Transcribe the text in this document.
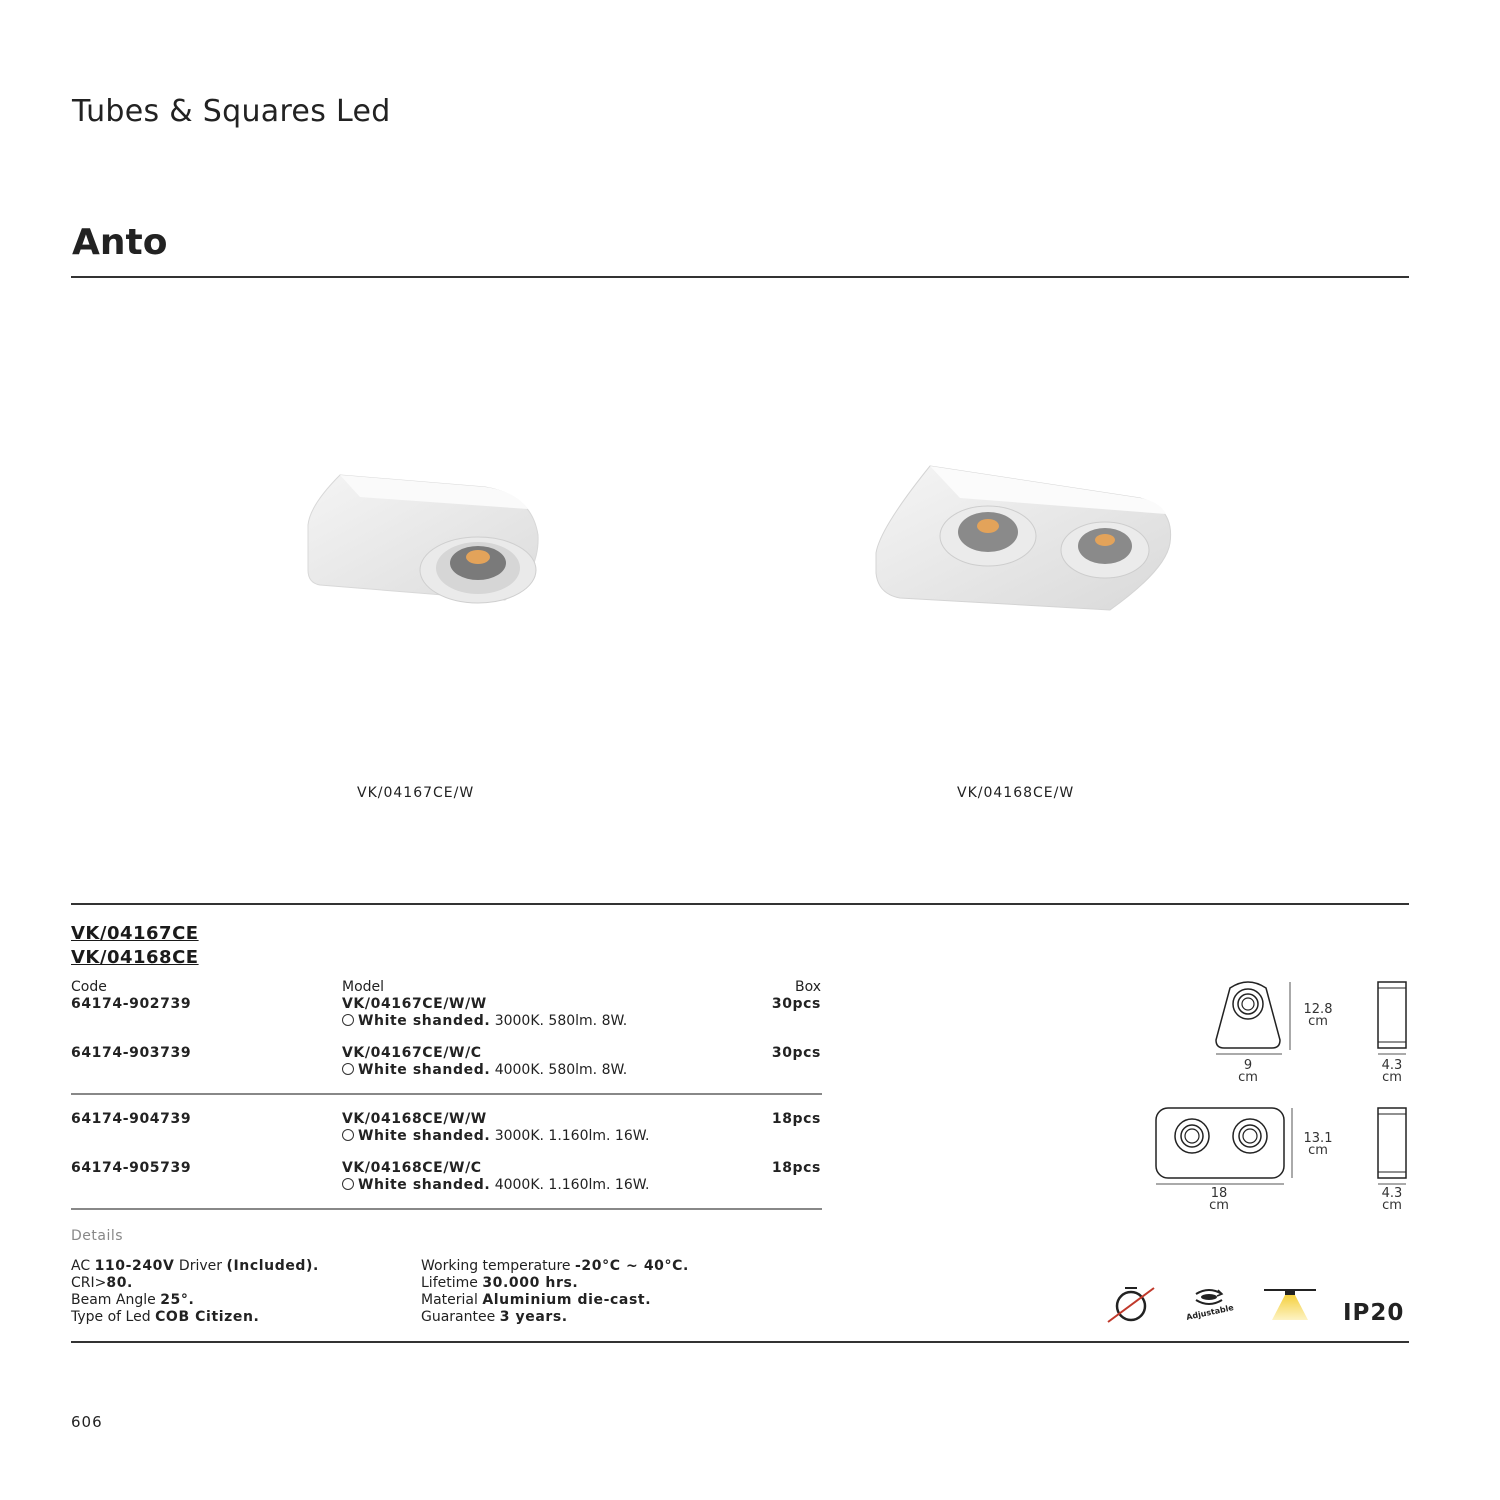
Tubes & Squares Led
Anto
VK/04167CE/W	VK/04168CE/W
VK/04167CE
VK/04168CE
Code	Model	Box
64174-902739	VK/04167CE/W/W	30pcs
White shanded. 3000K. 580lm. 8W.
64174-903739	VK/04167CE/W/C	30pcs
White shanded. 4000K. 580lm. 8W.
64174-904739	VK/04168CE/W/W	18pcs
White shanded. 3000K. 1.160lm. 16W.
64174-905739	VK/04168CE/W/C	18pcs
White shanded. 4000K. 1.160lm. 16W.
Details
AC 110-240V Driver (Included).
CRI>80.
Beam Angle 25°.
Type of Led COB Citizen.
Working temperature -20°C ~ 40°C.
Lifetime 30.000 hrs.
Material Aluminium die-cast.
Guarantee 3 years.
12.8
cm
9
cm
4.3
cm
13.1
cm
18
cm
4.3
cm
Adjustable	IP20
606
